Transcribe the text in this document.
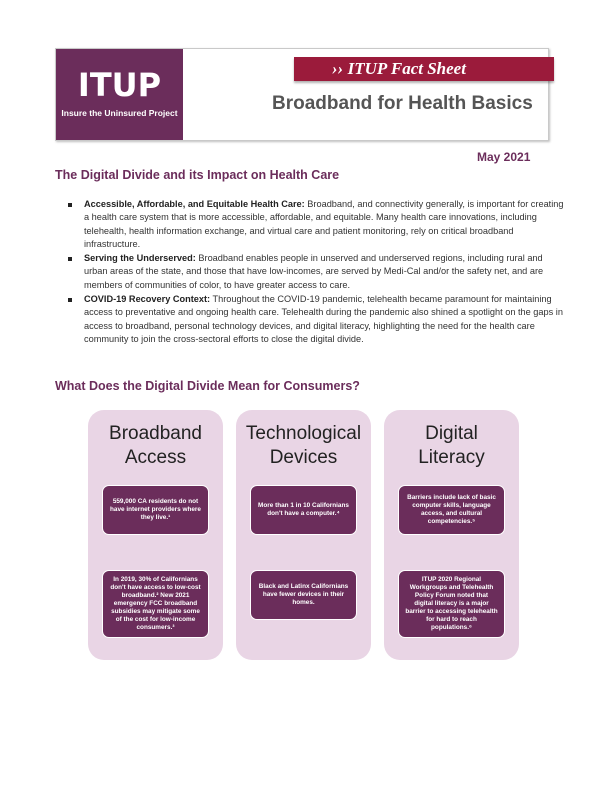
ITUP
Insure the Uninsured Project
›› ITUP Fact Sheet
Broadband for Health Basics
May 2021
The Digital Divide and its Impact on Health Care
Accessible, Affordable, and Equitable Health Care: Broadband, and connectivity generally, is important for creating a health care system that is more accessible, affordable, and equitable. Many health care innovations, including telehealth, health information exchange, and virtual care and patient monitoring, rely on critical broadband infrastructure.
Serving the Underserved: Broadband enables people in unserved and underserved regions, including rural and urban areas of the state, and those that have low-incomes, are served by Medi-Cal and/or the safety net, and are members of communities of color, to have greater access to care.
COVID-19 Recovery Context: Throughout the COVID-19 pandemic, telehealth became paramount for maintaining access to preventative and ongoing health care. Telehealth during the pandemic also shined a spotlight on the gaps in access to broadband, personal technology devices, and digital literacy, highlighting the need for the health care community to join the cross-sectoral efforts to close the digital divide.
What Does the Digital Divide Mean for Consumers?
Broadband
Access
559,000 CA residents do not have internet providers where they live.¹
In 2019, 30% of Californians don't have access to low-cost broadband.² New 2021 emergency FCC broadband subsidies may mitigate some of the cost for low-income consumers.³
Technological
Devices
More than 1 in 10 Californians don't have a computer.⁴
Black and Latinx Californians have fewer devices in their homes.
Digital
Literacy
Barriers include lack of basic computer skills, language access, and cultural competencies.⁵
ITUP 2020 Regional Workgroups and Telehealth Policy Forum noted that digital literacy is a major barrier to accessing telehealth for hard to reach populations.⁶
